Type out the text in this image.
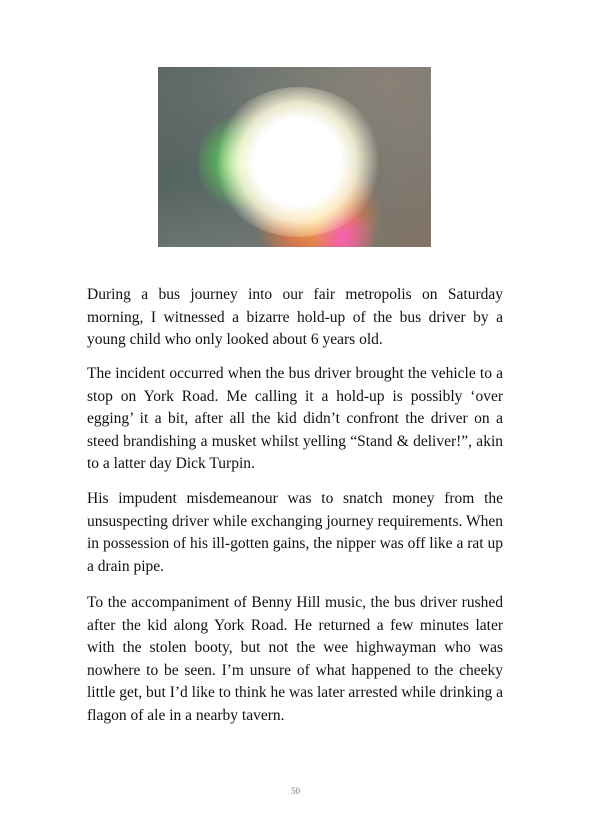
During a bus journey into our fair metropolis on Saturday morning, I witnessed a bizarre hold-up of the bus driver by a young child who only looked about 6 years old.

The incident occurred when the bus driver brought the vehicle to a stop on York Road. Me calling it a hold-up is possibly ‘over egging’ it a bit, after all the kid didn’t confront the driver on a steed brandishing a musket whilst yelling “Stand & deliver!”, akin to a latter day Dick Turpin.

His impudent misdemeanour was to snatch money from the unsuspecting driver while exchanging journey requirements. When in possession of his ill-gotten gains, the nipper was off like a rat up a drain pipe.

To the accompaniment of Benny Hill music, the bus driver rushed after the kid along York Road. He returned a few minutes later with the stolen booty, but not the wee highwayman who was nowhere to be seen. I’m unsure of what happened to the cheeky little get, but I’d like to think he was later arrested while drinking a flagon of ale in a nearby tavern.

50
